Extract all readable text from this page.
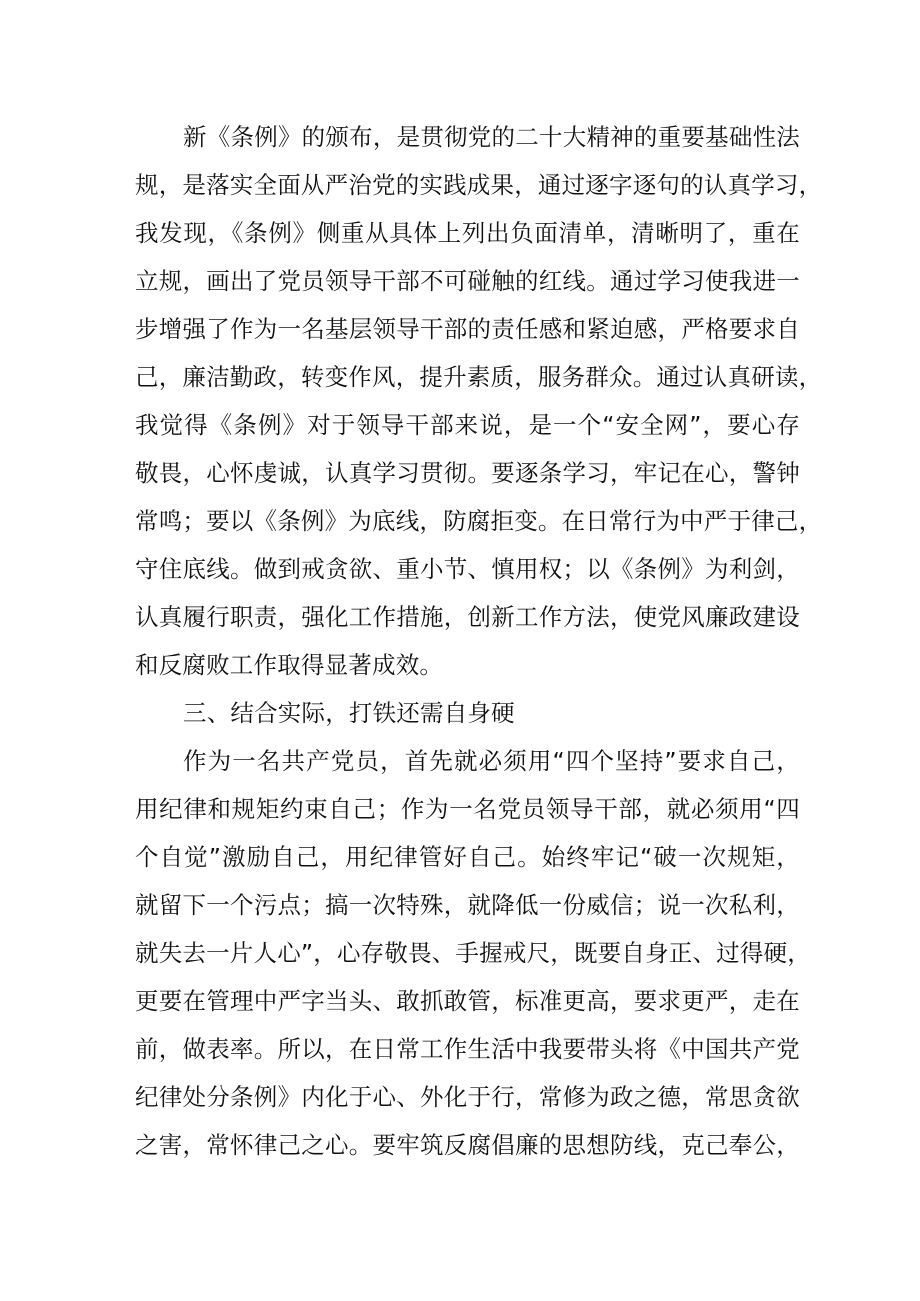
新《条例》的颁布，是贯彻党的二十大精神的重要基础性法
规，是落实全面从严治党的实践成果，通过逐字逐句的认真学习，
我发现，《条例》侧重从具体上列出负面清单，清晰明了，重在
立规，画出了党员领导干部不可碰触的红线。通过学习使我进一
步增强了作为一名基层领导干部的责任感和紧迫感，严格要求自
己，廉洁勤政，转变作风，提升素质，服务群众。通过认真研读，
我觉得《条例》对于领导干部来说，是一个“安全网”，要心存
敬畏，心怀虔诚，认真学习贯彻。要逐条学习，牢记在心，警钟
常鸣；要以《条例》为底线，防腐拒变。在日常行为中严于律己，
守住底线。做到戒贪欲、重小节、慎用权；以《条例》为利剑，
认真履行职责，强化工作措施，创新工作方法，使党风廉政建设
和反腐败工作取得显著成效。
三、结合实际，打铁还需自身硬
作为一名共产党员，首先就必须用“四个坚持”要求自己，
用纪律和规矩约束自己；作为一名党员领导干部，就必须用“四
个自觉”激励自己，用纪律管好自己。始终牢记“破一次规矩，
就留下一个污点；搞一次特殊，就降低一份威信；说一次私利，
就失去一片人心”，心存敬畏、手握戒尺，既要自身正、过得硬，
更要在管理中严字当头、敢抓敢管，标准更高，要求更严，走在
前，做表率。所以，在日常工作生活中我要带头将《中国共产党
纪律处分条例》内化于心、外化于行，常修为政之德，常思贪欲
之害，常怀律己之心。要牢筑反腐倡廉的思想防线，克己奉公，
